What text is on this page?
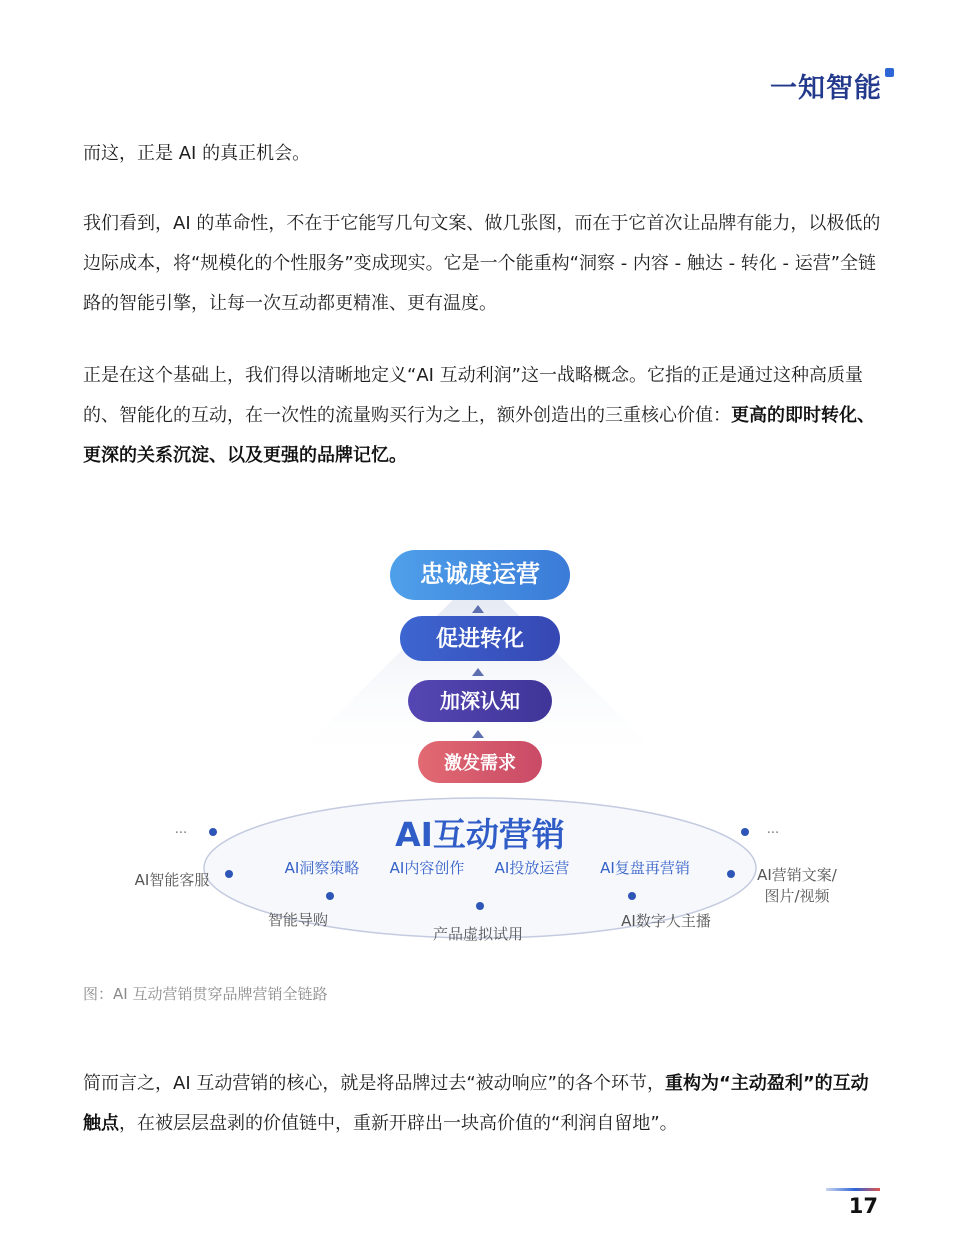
一知智能

而这，正是 AI 的真正机会。

我们看到，AI 的革命性，不在于它能写几句文案、做几张图，而在于它首次让品牌有能力，以极低的边际成本，将“规模化的个性服务”变成现实。它是一个能重构“洞察 - 内容 - 触达 - 转化 - 运营”全链路的智能引擎，让每一次互动都更精准、更有温度。

正是在这个基础上，我们得以清晰地定义“AI 互动利润”这一战略概念。它指的正是通过这种高质量的、智能化的互动，在一次性的流量购买行为之上，额外创造出的三重核心价值：更高的即时转化、更深的关系沉淀、以及更强的品牌记忆。

忠诚度运营
促进转化
加深认知
激发需求
AI互动营销
AI洞察策略 AI内容创作 AI投放运营 AI复盘再营销
...	...
AI智能客服	AI营销文案/
图片/视频
智能导购
产品虚拟试用
AI数字人主播
图：AI 互动营销贯穿品牌营销全链路

简而言之，AI 互动营销的核心，就是将品牌过去“被动响应”的各个环节，重构为“主动盈利”的互动触点，在被层层盘剥的价值链中，重新开辟出一块高价值的“利润自留地”。

17
